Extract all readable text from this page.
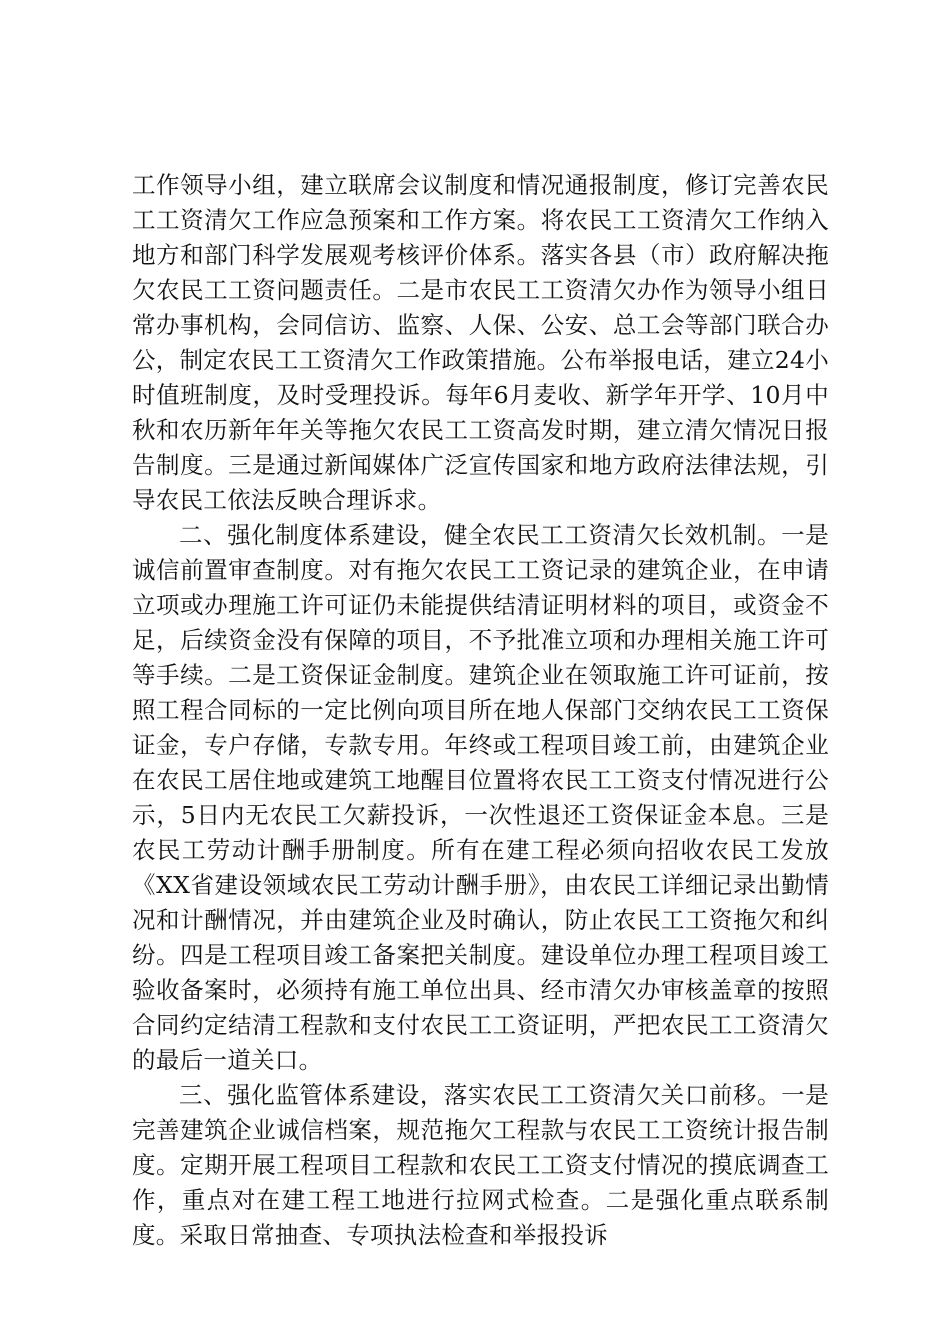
工作领导小组，建立联席会议制度和情况通报制度，修订完善农民工工资清欠工作应急预案和工作方案。将农民工工资清欠工作纳入地方和部门科学发展观考核评价体系。落实各县（市）政府解决拖欠农民工工资问题责任。二是市农民工工资清欠办作为领导小组日常办事机构，会同信访、监察、人保、公安、总工会等部门联合办公，制定农民工工资清欠工作政策措施。公布举报电话，建立24小时值班制度，及时受理投诉。每年6月麦收、新学年开学、10月中秋和农历新年年关等拖欠农民工工资高发时期，建立清欠情况日报告制度。三是通过新闻媒体广泛宣传国家和地方政府法律法规，引导农民工依法反映合理诉求。

二、强化制度体系建设，健全农民工工资清欠长效机制。一是诚信前置审查制度。对有拖欠农民工工资记录的建筑企业，在申请立项或办理施工许可证仍未能提供结清证明材料的项目，或资金不足，后续资金没有保障的项目，不予批准立项和办理相关施工许可等手续。二是工资保证金制度。建筑企业在领取施工许可证前，按照工程合同标的一定比例向项目所在地人保部门交纳农民工工资保证金，专户存储，专款专用。年终或工程项目竣工前，由建筑企业在农民工居住地或建筑工地醒目位置将农民工工资支付情况进行公示，5日内无农民工欠薪投诉，一次性退还工资保证金本息。三是农民工劳动计酬手册制度。所有在建工程必须向招收农民工发放《XX省建设领域农民工劳动计酬手册》，由农民工详细记录出勤情况和计酬情况，并由建筑企业及时确认，防止农民工工资拖欠和纠纷。四是工程项目竣工备案把关制度。建设单位办理工程项目竣工验收备案时，必须持有施工单位出具、经市清欠办审核盖章的按照合同约定结清工程款和支付农民工工资证明，严把农民工工资清欠的最后一道关口。

三、强化监管体系建设，落实农民工工资清欠关口前移。一是完善建筑企业诚信档案，规范拖欠工程款与农民工工资统计报告制度。定期开展工程项目工程款和农民工工资支付情况的摸底调查工作，重点对在建工程工地进行拉网式检查。二是强化重点联系制度。采取日常抽查、专项执法检查和举报投诉
